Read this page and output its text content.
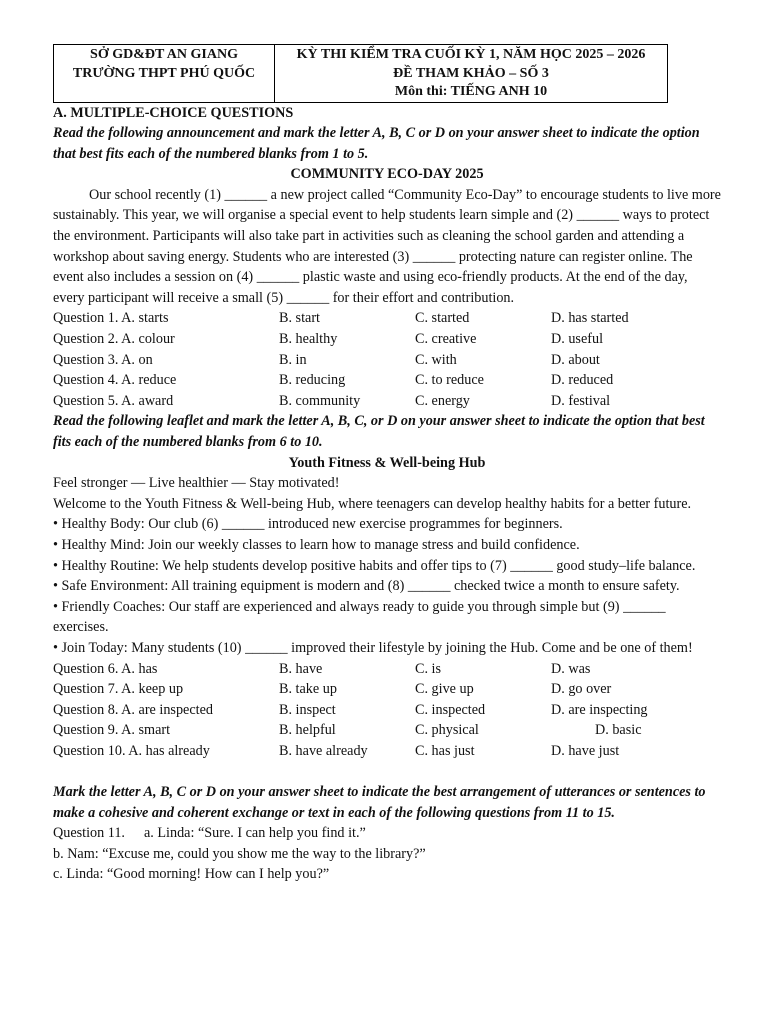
SỞ GD&ĐT AN GIANG
TRƯỜNG THPT PHÚ QUỐC

KỲ THI KIỂM TRA CUỐI KỲ 1, NĂM HỌC 2025 – 2026
ĐỀ THAM KHẢO – SỐ 3
Môn thi: TIẾNG ANH 10
A. MULTIPLE-CHOICE QUESTIONS
Read the following announcement and mark the letter A, B, C or D on your answer sheet to indicate the option that best fits each of the numbered blanks from 1 to 5.
COMMUNITY ECO-DAY 2025
Our school recently (1) ______ a new project called “Community Eco-Day” to encourage students to live more sustainably. This year, we will organise a special event to help students learn simple and (2) ______ ways to protect the environment. Participants will also take part in activities such as cleaning the school garden and attending a workshop about saving energy. Students who are interested (3) ______ protecting nature can register online. The event also includes a session on (4) ______ plastic waste and using eco-friendly products. At the end of the day, every participant will receive a small (5) ______ for their effort and contribution.
Question 1. A. starts	B. start	C. started	D. has started
Question 2. A. colour	B. healthy	C. creative	D. useful
Question 3. A. on	B. in	C. with	D. about
Question 4. A. reduce	B. reducing	C. to reduce	D. reduced
Question 5. A. award	B. community	C. energy	D. festival
Read the following leaflet and mark the letter A, B, C, or D on your answer sheet to indicate the option that best fits each of the numbered blanks from 6 to 10.
Youth Fitness & Well-being Hub
Feel stronger — Live healthier — Stay motivated!
Welcome to the Youth Fitness & Well-being Hub, where teenagers can develop healthy habits for a better future.
• Healthy Body: Our club (6) ______ introduced new exercise programmes for beginners.
• Healthy Mind: Join our weekly classes to learn how to manage stress and build confidence.
• Healthy Routine: We help students develop positive habits and offer tips to (7) ______ good study–life balance.
• Safe Environment: All training equipment is modern and (8) ______ checked twice a month to ensure safety.
• Friendly Coaches: Our staff are experienced and always ready to guide you through simple but (9) ______ exercises.
• Join Today: Many students (10) ______ improved their lifestyle by joining the Hub. Come and be one of them!
Question 6. A. has	B. have	C. is	D. was
Question 7. A. keep up	B. take up	C. give up	D. go over
Question 8. A. are inspected	B. inspect	C. inspected	D. are inspecting
Question 9. A. smart	B. helpful	C. physical	D. basic
Question 10. A. has already	B. have already	C. has just	D. have just
Mark the letter A, B, C or D on your answer sheet to indicate the best arrangement of utterances or sentences to make a cohesive and coherent exchange or text in each of the following questions from 11 to 15.
Question 11.	a. Linda: “Sure. I can help you find it.”
b. Nam: “Excuse me, could you show me the way to the library?”
c. Linda: “Good morning! How can I help you?”
